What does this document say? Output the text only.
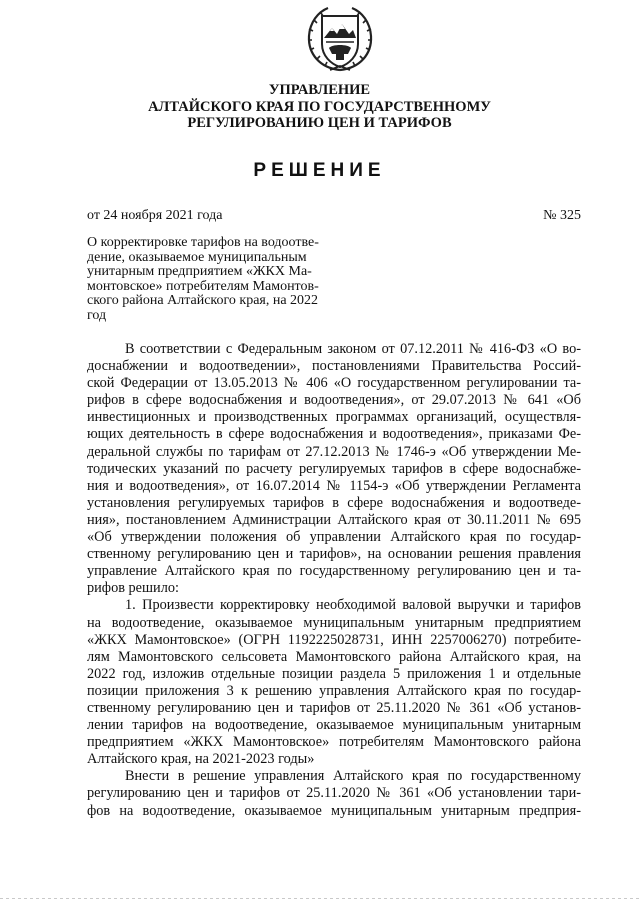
УПРАВЛЕНИЕ
АЛТАЙСКОГО КРАЯ ПО ГОСУДАРСТВЕННОМУ
РЕГУЛИРОВАНИЮ ЦЕН И ТАРИФОВ
РЕШЕНИЕ
от 24 ноября 2021 года	№ 325
О корректировке тарифов на водоотве-
дение, оказываемое муниципальным
унитарным предприятием «ЖКХ Ма-
монтовское» потребителям Мамонтов-
ского района Алтайского края, на 2022
год
В соответствии с Федеральным законом от 07.12.2011 № 416-ФЗ «О во-
доснабжении и водоотведении», постановлениями Правительства Россий-
ской Федерации от 13.05.2013 № 406 «О государственном регулировании та-
рифов в сфере водоснабжения и водоотведения», от 29.07.2013 № 641 «Об
инвестиционных и производственных программах организаций, осуществля-
ющих деятельность в сфере водоснабжения и водоотведения», приказами Фе-
деральной службы по тарифам от 27.12.2013 № 1746-э «Об утверждении Ме-
тодических указаний по расчету регулируемых тарифов в сфере водоснабже-
ния и водоотведения», от 16.07.2014 № 1154-э «Об утверждении Регламента
установления регулируемых тарифов в сфере водоснабжения и водоотведе-
ния», постановлением Администрации Алтайского края от 30.11.2011 № 695
«Об утверждении положения об управлении Алтайского края по государ-
ственному регулированию цен и тарифов», на основании решения правления
управление Алтайского края по государственному регулированию цен и та-
рифов решило:
1. Произвести корректировку необходимой валовой выручки и тарифов
на водоотведение, оказываемое муниципальным унитарным предприятием
«ЖКХ Мамонтовское» (ОГРН 1192225028731, ИНН 2257006270) потребите-
лям Мамонтовского сельсовета Мамонтовского района Алтайского края, на
2022 год, изложив отдельные позиции раздела 5 приложения 1 и отдельные
позиции приложения 3 к решению управления Алтайского края по государ-
ственному регулированию цен и тарифов от 25.11.2020 № 361 «Об установ-
лении тарифов на водоотведение, оказываемое муниципальным унитарным
предприятием «ЖКХ Мамонтовское» потребителям Мамонтовского района
Алтайского края, на 2021-2023 годы»
Внести в решение управления Алтайского края по государственному
регулированию цен и тарифов от 25.11.2020 № 361 «Об установлении тари-
фов на водоотведение, оказываемое муниципальным унитарным предприя-
